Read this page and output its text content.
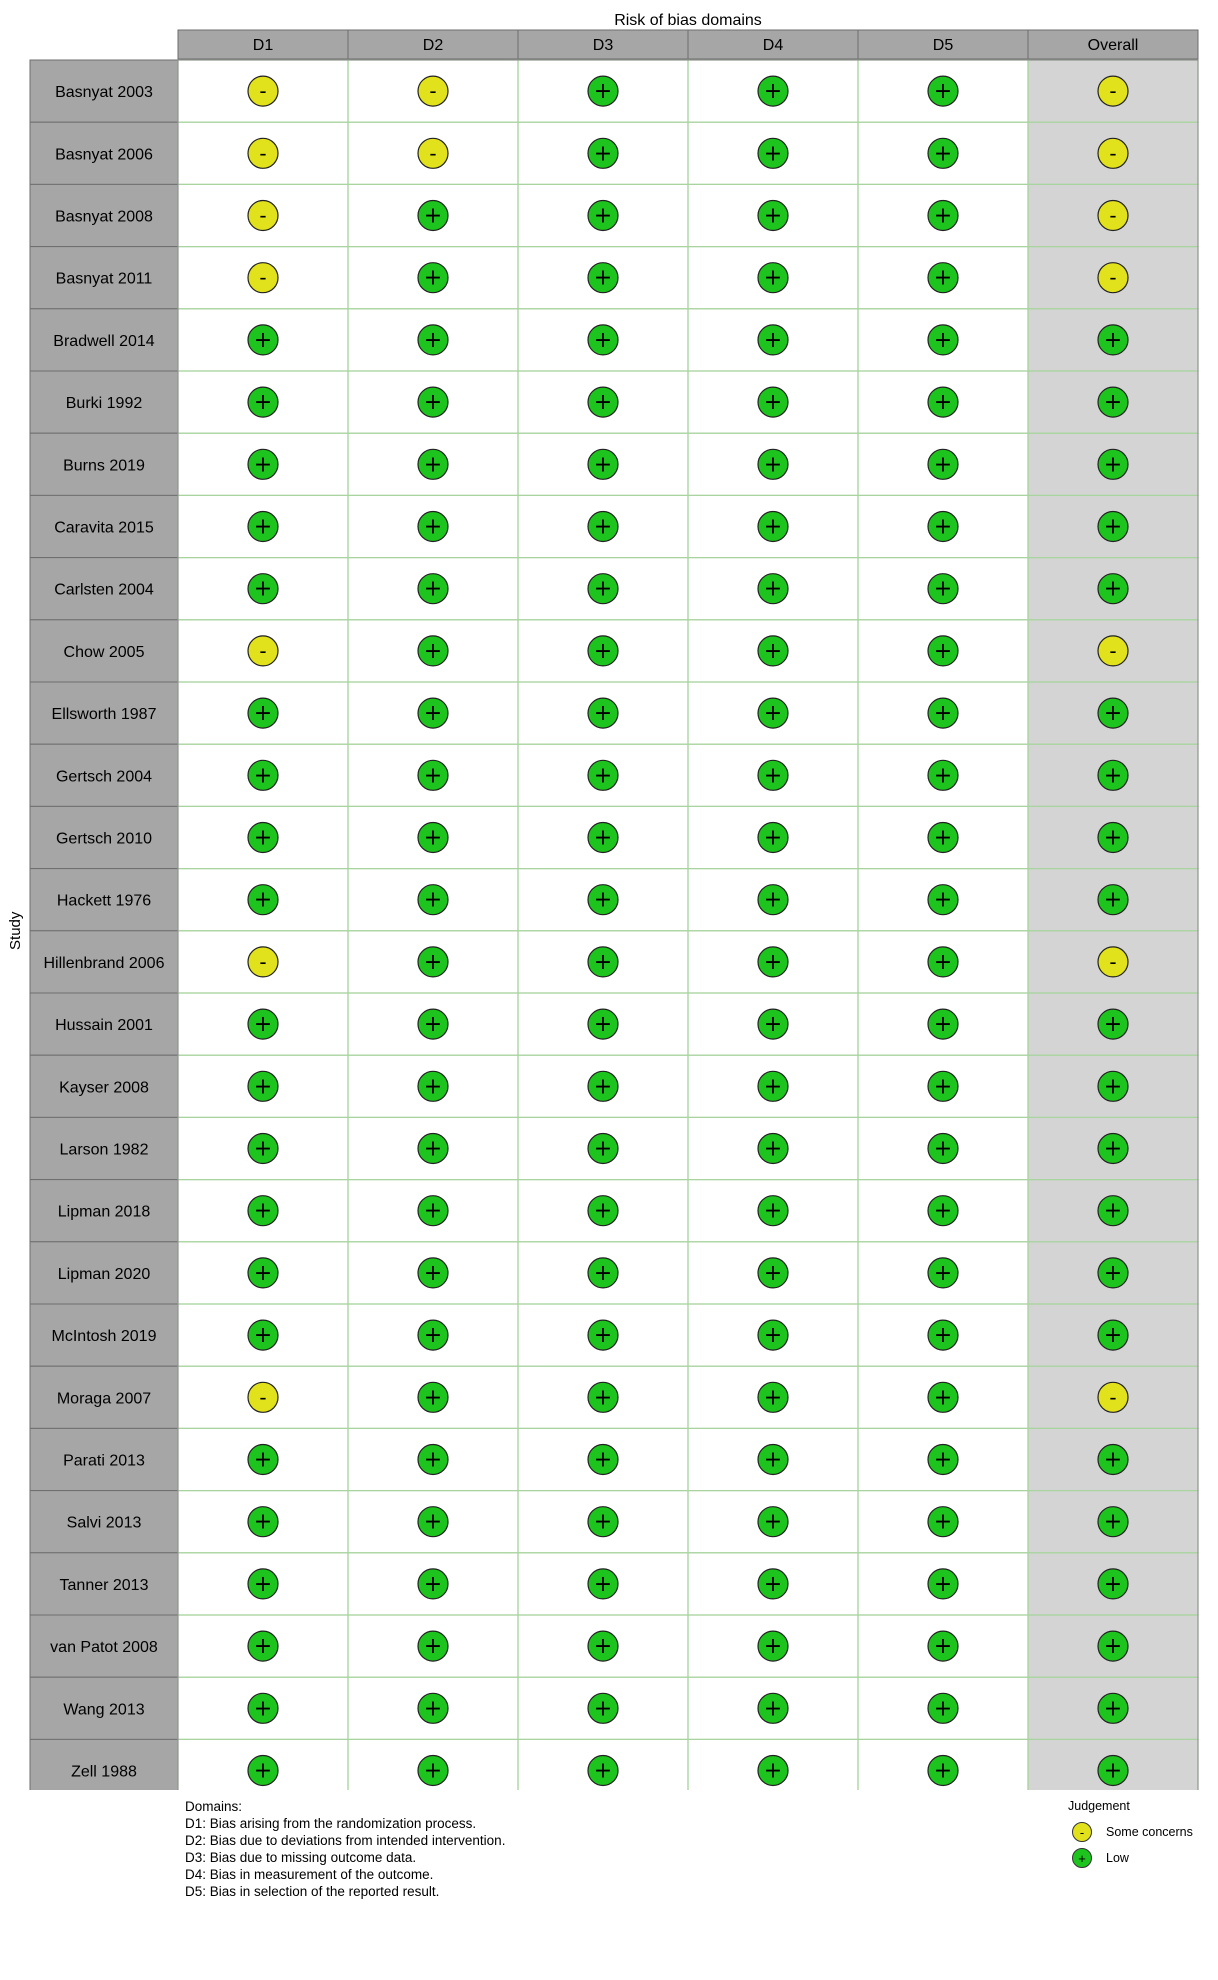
Risk of bias domains
Study
D1	D2	D3	D4	D5	Overall
Basnyat 2003	-	-	+	+	+	-
Basnyat 2006	-	-	+	+	+	-
Basnyat 2008	-	+	+	+	+	-
Basnyat 2011	-	+	+	+	+	-
Bradwell 2014	+	+	+	+	+	+
Burki 1992	+	+	+	+	+	+
Burns 2019	+	+	+	+	+	+
Caravita 2015	+	+	+	+	+	+
Carlsten 2004	+	+	+	+	+	+
Chow 2005	-	+	+	+	+	-
Ellsworth 1987	+	+	+	+	+	+
Gertsch 2004	+	+	+	+	+	+
Gertsch 2010	+	+	+	+	+	+
Hackett 1976	+	+	+	+	+	+
Hillenbrand 2006	-	+	+	+	+	-
Hussain 2001	+	+	+	+	+	+
Kayser 2008	+	+	+	+	+	+
Larson 1982	+	+	+	+	+	+
Lipman 2018	+	+	+	+	+	+
Lipman 2020	+	+	+	+	+	+
McIntosh 2019	+	+	+	+	+	+
Moraga 2007	-	+	+	+	+	-
Parati 2013	+	+	+	+	+	+
Salvi 2013	+	+	+	+	+	+
Tanner 2013	+	+	+	+	+	+
van Patot 2008	+	+	+	+	+	+
Wang 2013	+	+	+	+	+	+
Zell 1988	+	+	+	+	+	+
Domains:
D1: Bias arising from the randomization process.
D2: Bias due to deviations from intended intervention.
D3: Bias due to missing outcome data.
D4: Bias in measurement of the outcome.
D5: Bias in selection of the reported result.
Judgement
-	Some concerns
+	Low
